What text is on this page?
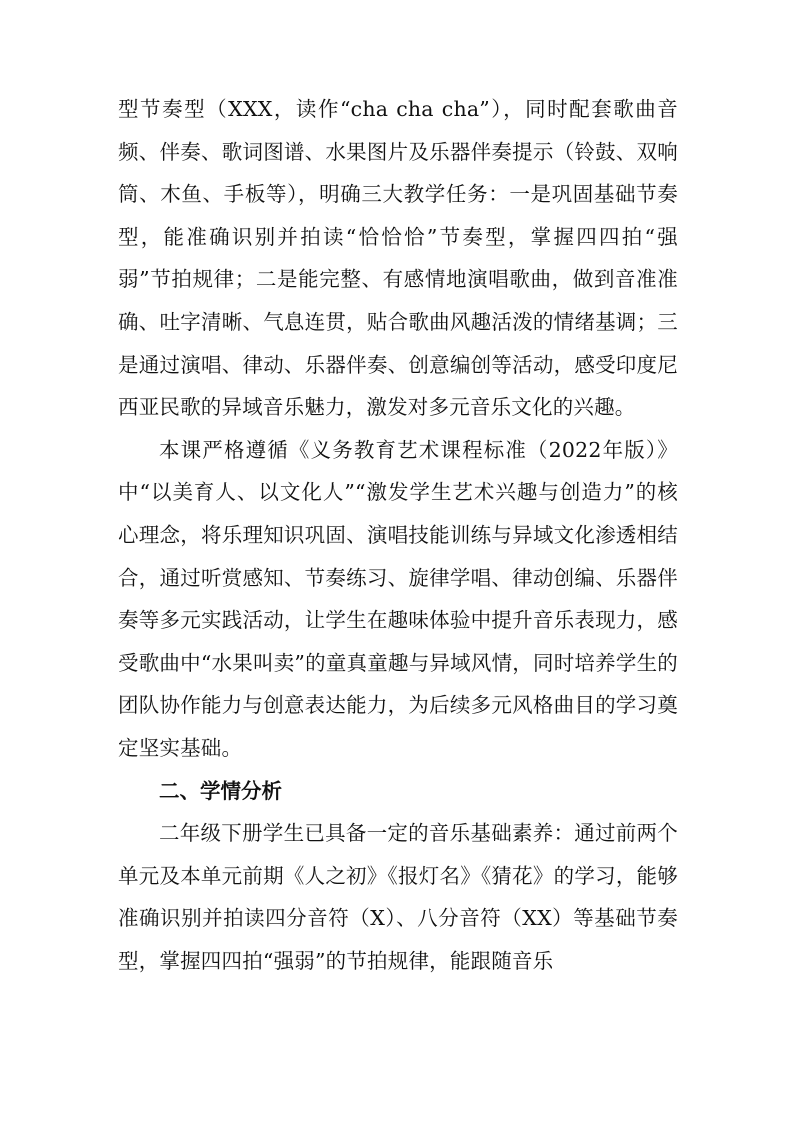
型节奏型（XXX，读作“cha cha cha”），同时配套歌曲音频、伴奏、歌词图谱、水果图片及乐器伴奏提示（铃鼓、双响筒、木鱼、手板等），明确三大教学任务：一是巩固基础节奏型，能准确识别并拍读“恰恰恰”节奏型，掌握四四拍“强弱”节拍规律；二是能完整、有感情地演唱歌曲，做到音准准确、吐字清晰、气息连贯，贴合歌曲风趣活泼的情绪基调；三是通过演唱、律动、乐器伴奏、创意编创等活动，感受印度尼西亚民歌的异域音乐魅力，激发对多元音乐文化的兴趣。

本课严格遵循《义务教育艺术课程标准（2022年版）》中“以美育人、以文化人”“激发学生艺术兴趣与创造力”的核心理念，将乐理知识巩固、演唱技能训练与异域文化渗透相结合，通过听赏感知、节奏练习、旋律学唱、律动创编、乐器伴奏等多元实践活动，让学生在趣味体验中提升音乐表现力，感受歌曲中“水果叫卖”的童真童趣与异域风情，同时培养学生的团队协作能力与创意表达能力，为后续多元风格曲目的学习奠定坚实基础。

二、学情分析

二年级下册学生已具备一定的音乐基础素养：通过前两个单元及本单元前期《人之初》《报灯名》《猜花》的学习，能够准确识别并拍读四分音符（X）、八分音符（XX）等基础节奏型，掌握四四拍“强弱”的节拍规律，能跟随音乐
